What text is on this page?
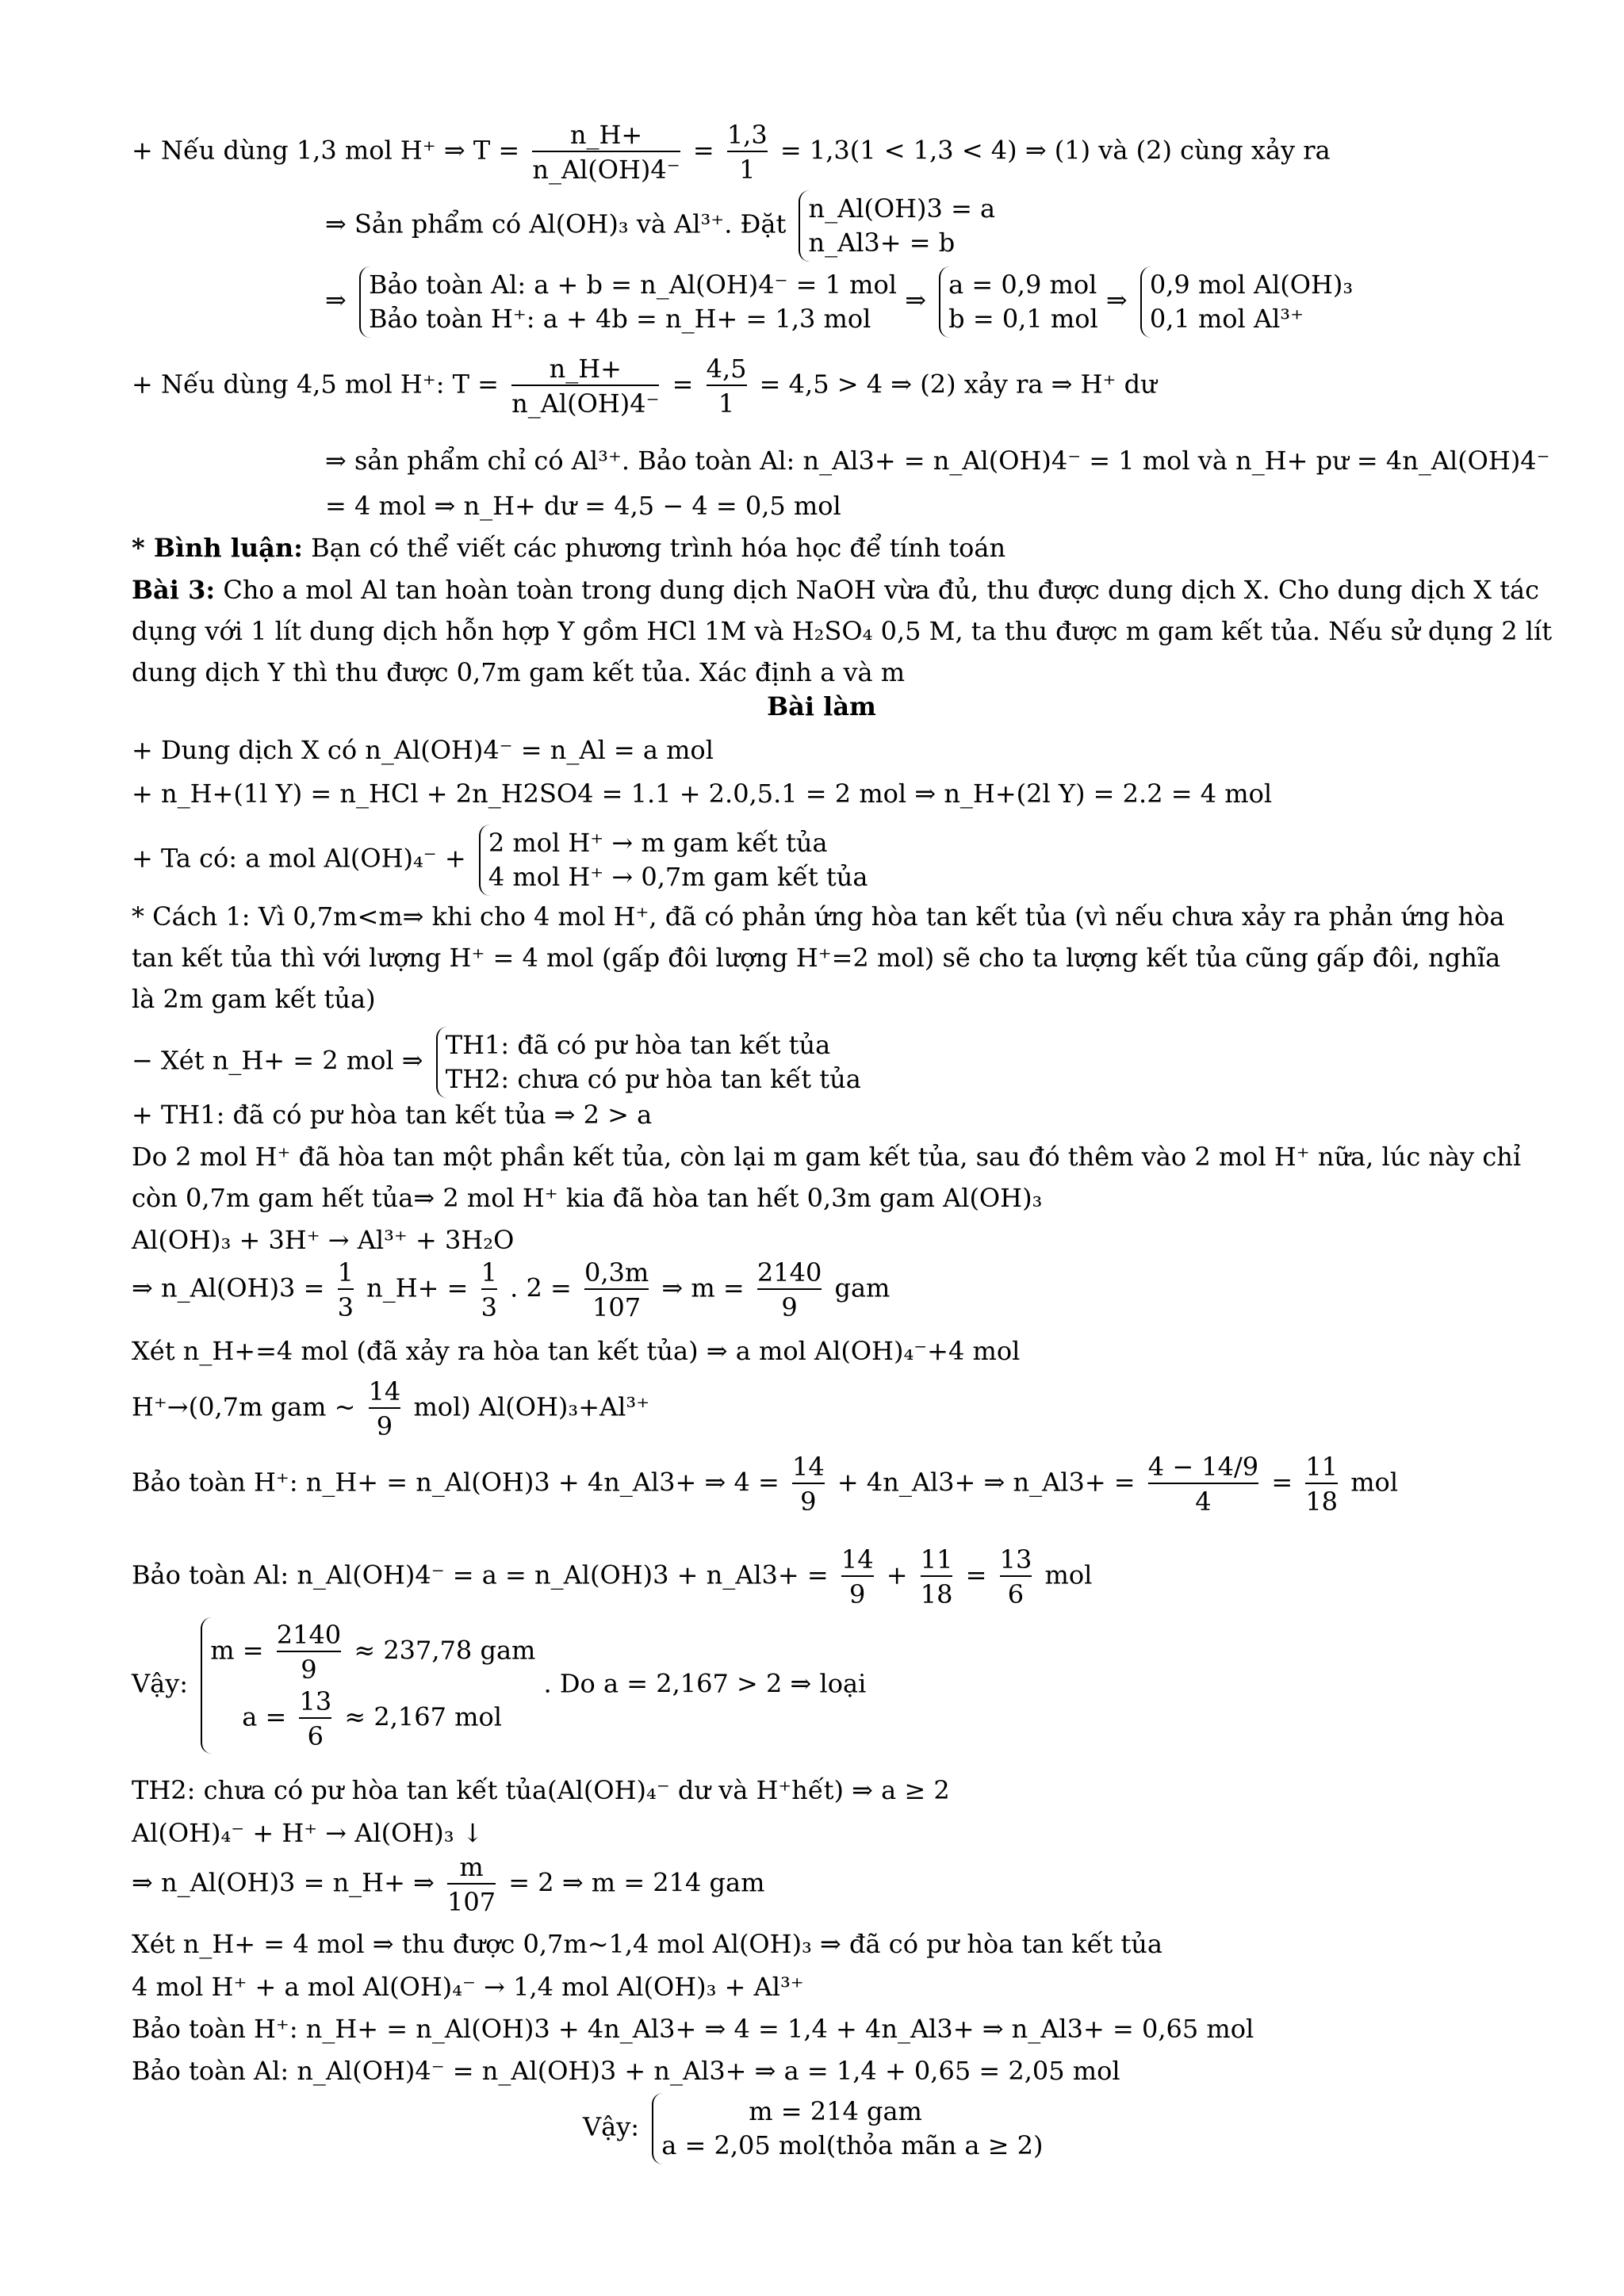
+ Nếu dùng 1,3 mol H⁺ ⇒ $T = \frac{n\_H+}{n\_Al(OH)4^-} = \frac{1,3}{1} = 1,3(1 < 1,3 < 4)$ ⇒ (1) và (2) cùng xảy ra
⇒ Sản phẩm có Al(OH)₃ và Al³⁺. Đặt
n_Al(OH)3 = a
n_Al3+ = b
⇒
Bảo toàn Al: a + b = n_Al(OH)4⁻ = 1 mol
Bảo toàn H⁺: a + 4b = n_H+ = 1,3 mol
⇒
a = 0,9 mol
b = 0,1 mol
⇒
0,9 mol Al(OH)₃
0,1 mol Al³⁺
+ Nếu dùng 4,5 mol H⁺: $T = \frac{n\_H+}{n\_Al(OH)4^-} = \frac{4,5}{1} = 4,5 > 4$ ⇒ (2) xảy ra ⇒ H⁺ dư
⇒ sản phẩm chỉ có Al³⁺. Bảo toàn Al: n_Al3+ = n_Al(OH)4⁻ = 1 mol và n_H+ pư = 4n_Al(OH)4⁻
= 4 mol ⇒ n_H+ dư = 4,5 − 4 = 0,5 mol
* Bình luận: Bạn có thể viết các phương trình hóa học để tính toán
Bài 3: Cho a mol Al tan hoàn toàn trong dung dịch NaOH vừa đủ, thu được dung dịch X. Cho dung dịch X tác
dụng với 1 lít dung dịch hỗn hợp Y gồm HCl 1M và H₂SO₄ 0,5 M, ta thu được m gam kết tủa. Nếu sử dụng 2 lít
dung dịch Y thì thu được 0,7m gam kết tủa. Xác định a và m
Bài làm
+ Dung dịch X có n_Al(OH)4⁻ = n_Al = a mol
+ n_H+(1l Y) = n_HCl + 2n_H2SO4 = 1.1 + 2.0,5.1 = 2 mol ⇒ n_H+(2l Y) = 2.2 = 4 mol
+ Ta có: a mol Al(OH)₄⁻ +
2 mol H⁺ → m gam kết tủa
4 mol H⁺ → 0,7m gam kết tủa
* Cách 1: Vì 0,7m<m⇒ khi cho 4 mol H⁺, đã có phản ứng hòa tan kết tủa (vì nếu chưa xảy ra phản ứng hòa
tan kết tủa thì với lượng H⁺ = 4 mol (gấp đôi lượng H⁺=2 mol) sẽ cho ta lượng kết tủa cũng gấp đôi, nghĩa
là 2m gam kết tủa)
− Xét n_H+ = 2 mol ⇒
TH1: đã có pư hòa tan kết tủa
TH2: chưa có pư hòa tan kết tủa
+ TH1: đã có pư hòa tan kết tủa ⇒ 2 > a
Do 2 mol H⁺ đã hòa tan một phần kết tủa, còn lại m gam kết tủa, sau đó thêm vào 2 mol H⁺ nữa, lúc này chỉ
còn 0,7m gam hết tủa⇒ 2 mol H⁺ kia đã hòa tan hết 0,3m gam Al(OH)₃
Al(OH)₃ + 3H⁺ → Al³⁺ + 3H₂O
⇒ n_Al(OH)3 = $\frac{1}{3}$ n_H+ = $\frac{1}{3}$ . $2 = \frac{0,3m}{107}$ ⇒ $m = \frac{2140}{9}$ gam
Xét n_H+=4 mol (đã xảy ra hòa tan kết tủa) ⇒ a mol Al(OH)₄⁻+4 mol
H⁺→(0,7m gam ~ $\frac{14}{9} mol$) Al(OH)₃+Al³⁺
Bảo toàn H⁺: n_H+ = n_Al(OH)3 + 4n_Al3+ ⇒ $4 = \frac{14}{9}$ + 4n_Al3+ ⇒ n_Al3+ = $\frac{4 - 14/9}{4} = \frac{11}{18}$ mol
Bảo toàn Al: n_Al(OH)4⁻ = a = n_Al(OH)3 + n_Al3+ = $\frac{14}{9} + \frac{11}{18} = \frac{13}{6}$ mol
Vậy:
$m = \frac{2140}{9} \approx 237,78$ gam
$a = \frac{13}{6} \approx 2,167$ mol
. Do a = 2,167 > 2 ⇒ loại
TH2: chưa có pư hòa tan kết tủa(Al(OH)₄⁻ dư và H⁺hết) ⇒ a ≥ 2
Al(OH)₄⁻ + H⁺ → Al(OH)₃ ↓
⇒ n_Al(OH)3 = n_H+ ⇒ $\frac{m}{107} = 2$ ⇒ m = 214 gam
Xét n_H+ = 4 mol ⇒ thu được 0,7m~1,4 mol Al(OH)₃ ⇒ đã có pư hòa tan kết tủa
4 mol H⁺ + a mol Al(OH)₄⁻ → 1,4 mol Al(OH)₃ + Al³⁺
Bảo toàn H⁺: n_H+ = n_Al(OH)3 + 4n_Al3+ ⇒ 4 = 1,4 + 4n_Al3+ ⇒ n_Al3+ = 0,65 mol
Bảo toàn Al: n_Al(OH)4⁻ = n_Al(OH)3 + n_Al3+ ⇒ a = 1,4 + 0,65 = 2,05 mol
Vậy:
m = 214 gam
a = 2,05 mol(thỏa mãn a ≥ 2)
